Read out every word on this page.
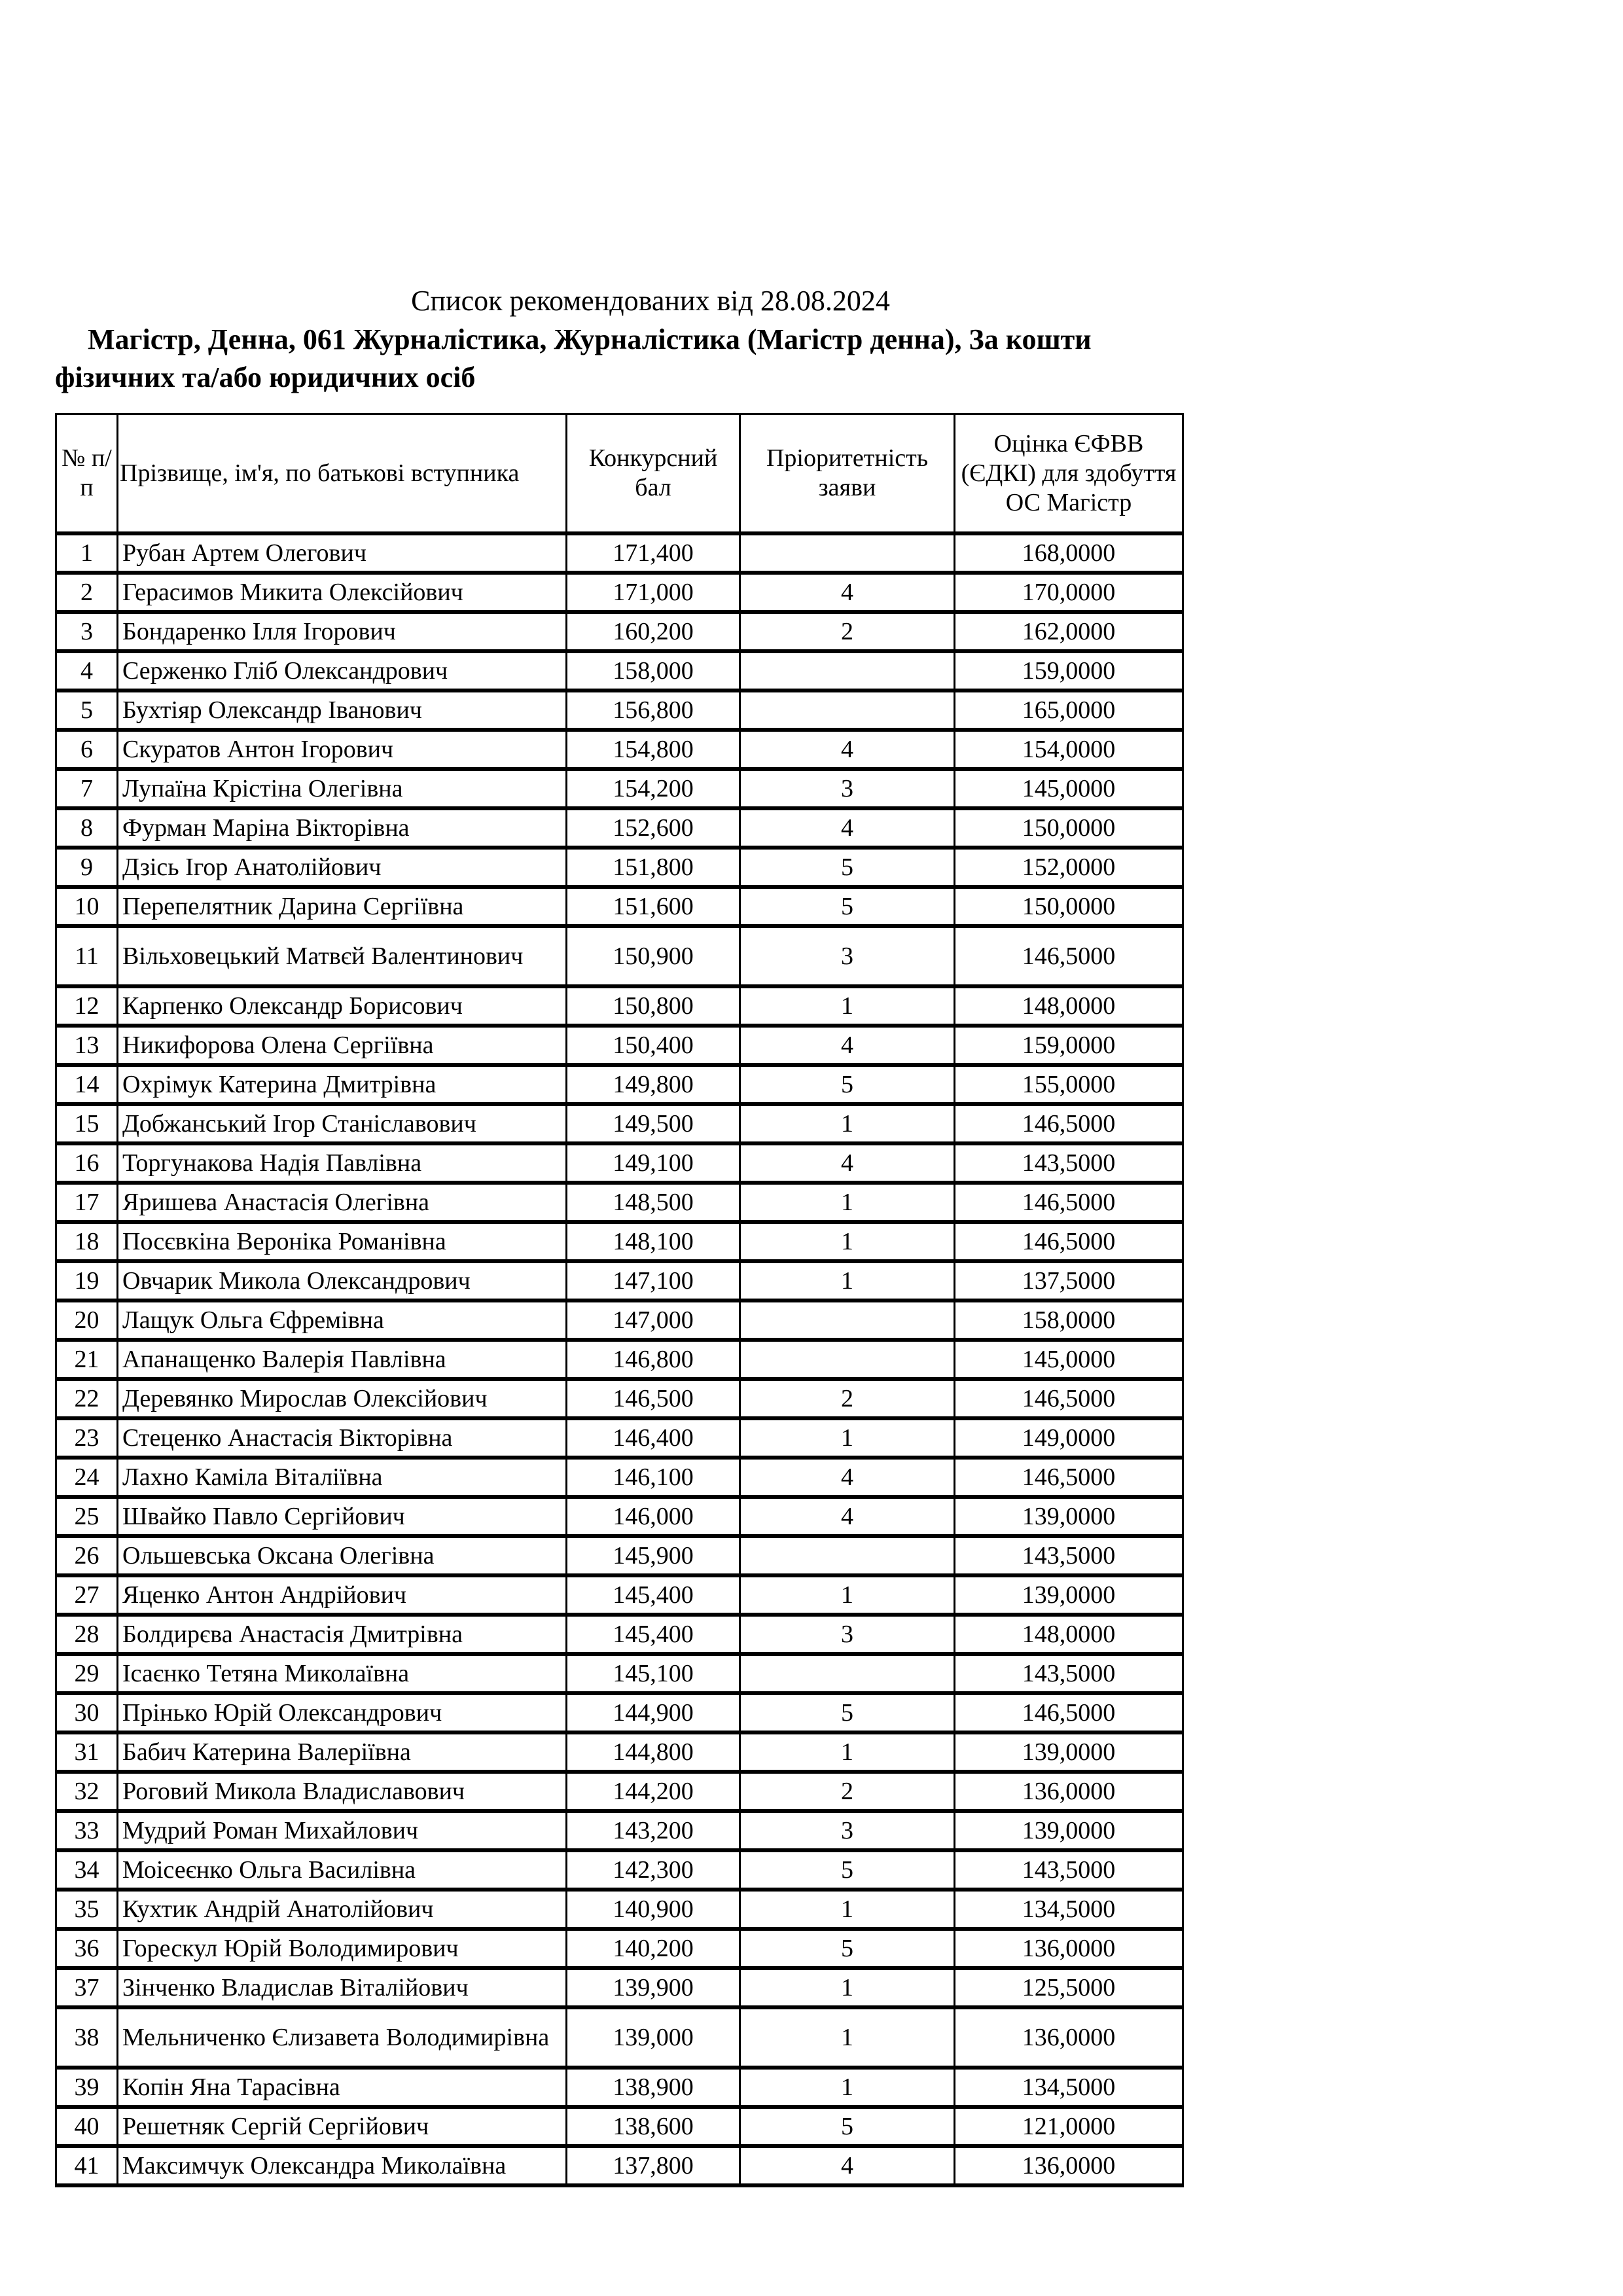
Список рекомендованих від 28.08.2024
Магістр, Денна, 061 Журналістика, Журналістика (Магістр денна), За кошти фізичних та/або юридичних осіб
№ п/п	Прізвище, ім'я, по батькові вступника	Конкурсний бал	Пріоритетність заяви	Оцінка ЄФВВ (ЄДКІ) для здобуття ОС Магістр
1	Рубан Артем Олегович	171,400		168,0000
2	Герасимов Микита Олексійович	171,000	4	170,0000
3	Бондаренко Ілля Ігорович	160,200	2	162,0000
4	Серженко Гліб Олександрович	158,000		159,0000
5	Бухтіяр Олександр Іванович	156,800		165,0000
6	Скуратов Антон Ігорович	154,800	4	154,0000
7	Лупаїна Крістіна Олегівна	154,200	3	145,0000
8	Фурман Маріна Вікторівна	152,600	4	150,0000
9	Дзісь Ігор Анатолійович	151,800	5	152,0000
10	Перепелятник Дарина Сергіївна	151,600	5	150,0000
11	Вільховецький Матвєй Валентинович	150,900	3	146,5000
12	Карпенко Олександр Борисович	150,800	1	148,0000
13	Никифорова Олена Сергіївна	150,400	4	159,0000
14	Охрімук Катерина Дмитрівна	149,800	5	155,0000
15	Добжанський Ігор Станіславович	149,500	1	146,5000
16	Торгунакова Надія Павлівна	149,100	4	143,5000
17	Яришева Анастасія Олегівна	148,500	1	146,5000
18	Посєвкіна Вероніка Романівна	148,100	1	146,5000
19	Овчарик Микола Олександрович	147,100	1	137,5000
20	Лащук Ольга Єфремівна	147,000		158,0000
21	Апанащенко Валерія Павлівна	146,800		145,0000
22	Деревянко Мирослав Олексійович	146,500	2	146,5000
23	Стеценко Анастасія Вікторівна	146,400	1	149,0000
24	Лахно Каміла Віталіївна	146,100	4	146,5000
25	Швайко Павло Сергійович	146,000	4	139,0000
26	Ольшевська Оксана Олегівна	145,900		143,5000
27	Яценко Антон Андрійович	145,400	1	139,0000
28	Болдирєва Анастасія Дмитрівна	145,400	3	148,0000
29	Ісаєнко Тетяна Миколаївна	145,100		143,5000
30	Прінько Юрій Олександрович	144,900	5	146,5000
31	Бабич Катерина Валеріївна	144,800	1	139,0000
32	Роговий Микола Владиславович	144,200	2	136,0000
33	Мудрий Роман Михайлович	143,200	3	139,0000
34	Моісеєнко Ольга Василівна	142,300	5	143,5000
35	Кухтик Андрій Анатолійович	140,900	1	134,5000
36	Горескул Юрій Володимирович	140,200	5	136,0000
37	Зінченко Владислав Віталійович	139,900	1	125,5000
38	Мельниченко Єлизавета Володимирівна	139,000	1	136,0000
39	Копін Яна Тарасівна	138,900	1	134,5000
40	Решетняк Сергій Сергійович	138,600	5	121,0000
41	Максимчук Олександра Миколаївна	137,800	4	136,0000
